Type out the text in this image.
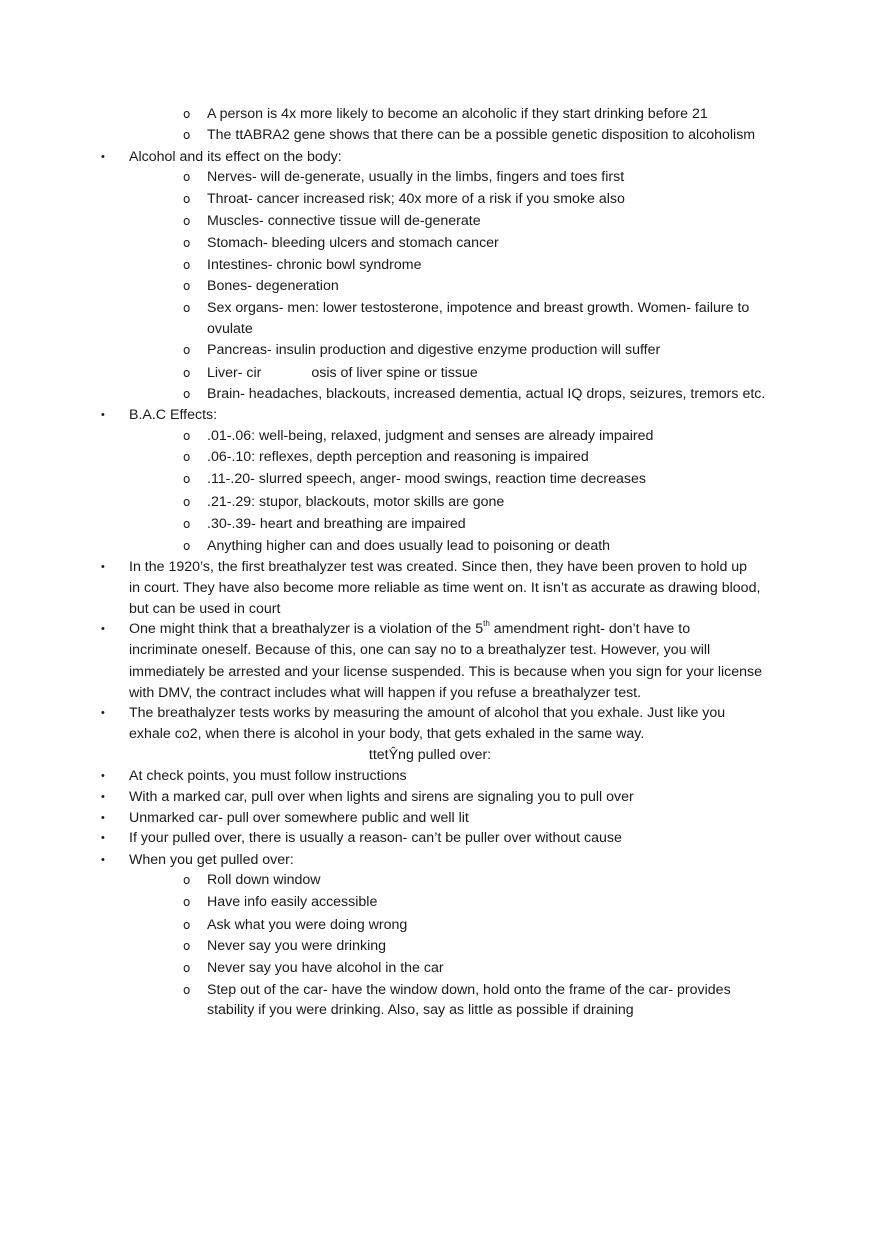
o A person is 4x more likely to become an alcoholic if they start drinking before 21
o The ttABRA2 gene shows that there can be a possible genetic disposition to alcoholism
• Alcohol and its effect on the body:
o Nerves- will de-generate, usually in the limbs, fingers and toes first
o Throat- cancer increased risk; 40x more of a risk if you smoke also
o Muscles- connective tissue will de-generate
o Stomach- bleeding ulcers and stomach cancer
o Intestines- chronic bowl syndrome
o Bones- degeneration
o Sex organs- men: lower testosterone, impotence and breast growth. Women- failure to
ovulate
o Pancreas- insulin production and digestive enzyme production will suffer
o Liver- cir	osis of liver spine or tissue
o Brain- headaches, blackouts, increased dementia, actual IQ drops, seizures, tremors etc.
• B.A.C Effects:
o .01-.06: well-being, relaxed, judgment and senses are already impaired
o .06-.10: reflexes, depth perception and reasoning is impaired
o .11-.20- slurred speech, anger- mood swings, reaction time decreases
o .21-.29: stupor, blackouts, motor skills are gone
o .30-.39- heart and breathing are impaired
o Anything higher can and does usually lead to poisoning or death
• In the 1920’s, the first breathalyzer test was created. Since then, they have been proven to hold up
in court. They have also become more reliable as time went on. It isn’t as accurate as drawing blood,
but can be used in court
• One might think that a breathalyzer is a violation of the 5th amendment right- don’t have to
incriminate oneself. Because of this, one can say no to a breathalyzer test. However, you will
immediately be arrested and your license suspended. This is because when you sign for your license
with DMV, the contract includes what will happen if you refuse a breathalyzer test.
• The breathalyzer tests works by measuring the amount of alcohol that you exhale. Just like you
exhale co2, when there is alcohol in your body, that gets exhaled in the same way.
ttetŶng pulled over:
• At check points, you must follow instructions
• With a marked car, pull over when lights and sirens are signaling you to pull over
• Unmarked car- pull over somewhere public and well lit
• If your pulled over, there is usually a reason- can’t be puller over without cause
• When you get pulled over:
o Roll down window
o Have info easily accessible
o Ask what you were doing wrong
o Never say you were drinking
o Never say you have alcohol in the car
o Step out of the car- have the window down, hold onto the frame of the car- provides
stability if you were drinking. Also, say as little as possible if draining
